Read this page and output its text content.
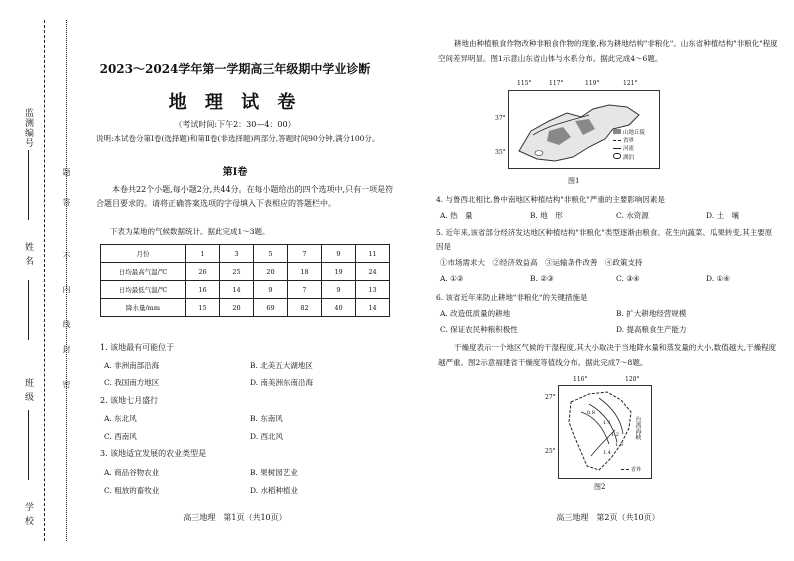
监测编号
姓 名
班 级
学 校
题
答
不
内
线
封
密
2023～2024学年第一学期高三年级期中学业诊断
地 理 试 卷
（考试时间:下午2：30—4：00）
说明:本试卷分第Ⅰ卷(选择题)和第Ⅱ卷(非选择题)两部分,答题时间90分钟,满分100分。
第Ⅰ卷
本卷共22个小题,每小题2分,共44分。在每小题给出的四个选项中,只有一项是符合题目要求的。请将正确答案选项的字母填入下表相应的答题栏中。
下表为某地的气候数据统计。据此完成1～3题。
月份	1	3	5	7	9	11
日均最高气温/℃	26	25	20	18	19	24
日均最低气温/℃	16	14	9	7	9	13
降水量/mm	15	20	69	82	40	14
1. 该地最有可能位于
A. 非洲南部沿海	B. 北美五大湖地区
C. 我国南方地区	D. 南美洲东南沿海
2. 该地七月盛行
A. 东北风	B. 东南风
C. 西南风	D. 西北风
3. 该地适宜发展的农业类型是
A. 商品谷物农业	B. 果树园艺业
C. 粗放的畜牧业	D. 水稻种植业
高三地理　第1页（共10页）
耕地由种植粮食作物改种非粮食作物的现象,称为耕地结构"非粮化"。山东省种植结构"非粮化"程度空间差异明显。图1示意山东省山体与水系分布。据此完成4～6题。
115°	117°	119°	121°
37°
35°
山地丘陵
省界
河流
湖泊
图1
4. 与鲁西北相比,鲁中南地区种植结构"非粮化"严重的主要影响因素是
A. 热　量	B. 地　形	C. 水资源	D. 土　壤
5. 近年来,该省部分经济发达地区种植结构"非粮化"类型逐渐由粮食、花生向蔬菜、瓜果转变,其主要原因是
①市场需求大　②经济效益高　③运输条件改善　④政策支持
A. ①②	B. ②③	C. ③④	D. ①④
6. 该省近年来防止耕地"非粮化"的关键措施是
A. 改造低质量的耕地	B. 扩大耕地经营规模
C. 保证农民种粮积极性	D. 提高粮食生产能力
干燥度表示一个地区气候的干湿程度,其大小取决于当地降水量和蒸发量的大小,数值越大,干燥程度越严重。图2示意福建省干燥度等值线分布。据此完成7～8题。
0.8
1.1
1.2
1.3
1.4
台湾海峡
116°	120°
27°
25°
省界
图2
高三地理　第2页（共10页）
